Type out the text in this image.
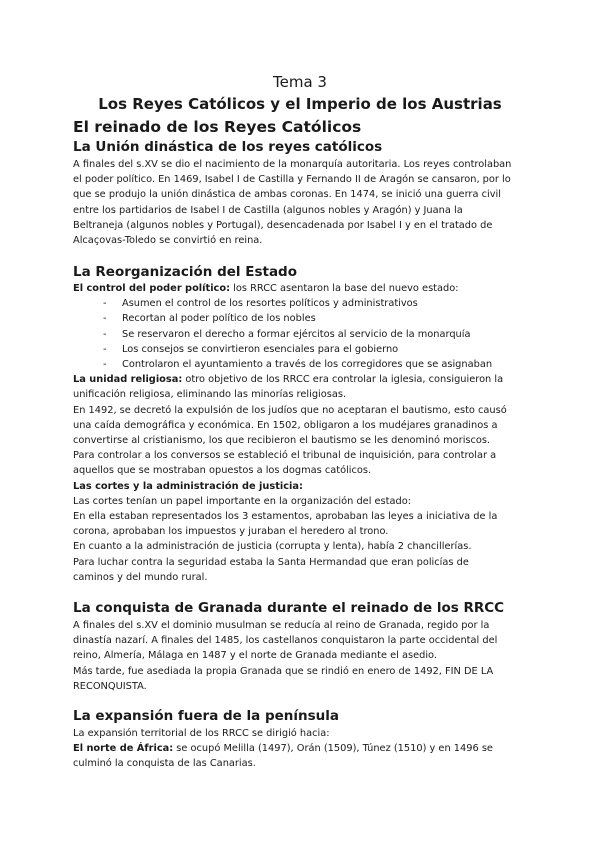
Tema 3

Los Reyes Católicos y el Imperio de los Austrias

El reinado de los Reyes Católicos
La Unión dinástica de los reyes católicos

A finales del s.XV se dio el nacimiento de la monarquía autoritaria. Los reyes controlaban

el poder político. En 1469, Isabel I de Castilla y Fernando II de Aragón se cansaron, por lo

que se produjo la unión dinástica de ambas coronas. En 1474, se inició una guerra civil

entre los partidarios de Isabel I de Castilla (algunos nobles y Aragón) y Juana la

Beltraneja (algunos nobles y Portugal), desencadenada por Isabel I y en el tratado de

Alcaçovas-Toledo se convirtió en reina.

La Reorganización del Estado

El control del poder político: los RRCC asentaron la base del nuevo estado:

- Asumen el control de los resortes políticos y administrativos
- Recortan al poder político de los nobles
- Se reservaron el derecho a formar ejércitos al servicio de la monarquía
- Los consejos se convirtieron esenciales para el gobierno
- Controlaron el ayuntamiento a través de los corregidores que se asignaban

La unidad religiosa: otro objetivo de los RRCC era controlar la iglesia, consiguieron la

unificación religiosa, eliminando las minorías religiosas.

En 1492, se decretó la expulsión de los judíos que no aceptaran el bautismo, esto causó

una caída demográfica y económica. En 1502, obligaron a los mudéjares granadinos a

convertirse al cristianismo, los que recibieron el bautismo se les denominó moriscos.

Para controlar a los conversos se estableció el tribunal de inquisición, para controlar a

aquellos que se mostraban opuestos a los dogmas católicos.

Las cortes y la administración de justicia:

Las cortes tenían un papel importante en la organización del estado:

En ella estaban representados los 3 estamentos, aprobaban las leyes a iniciativa de la

corona, aprobaban los impuestos y juraban el heredero al trono.

En cuanto a la administración de justicia (corrupta y lenta), había 2 chancillerías.

Para luchar contra la seguridad estaba la Santa Hermandad que eran policías de

caminos y del mundo rural.

La conquista de Granada durante el reinado de los RRCC

A finales del s.XV el dominio musulman se reducía al reino de Granada, regido por la

dinastía nazarí. A finales del 1485, los castellanos conquistaron la parte occidental del

reino, Almería, Málaga en 1487 y el norte de Granada mediante el asedio.

Más tarde, fue asediada la propia Granada que se rindió en enero de 1492, FIN DE LA

RECONQUISTA.

La expansión fuera de la península

La expansión territorial de los RRCC se dirigió hacia:

El norte de África: se ocupó Melilla (1497), Orán (1509), Túnez (1510) y en 1496 se

culminó la conquista de las Canarias.
